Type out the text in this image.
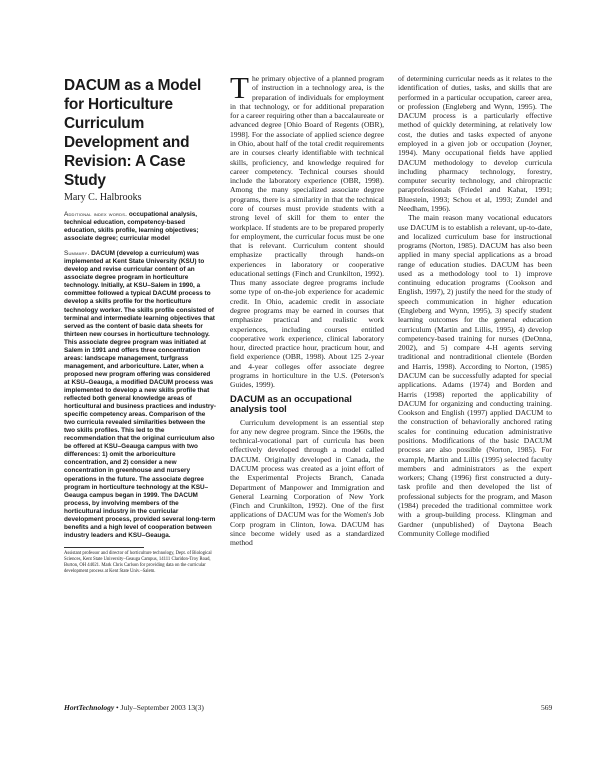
DACUM as a Model for Horticulture Curriculum Development and Revision: A Case Study

Mary C. Halbrooks

Additional index words. occupational analysis, technical education, competency-based education, skills profile, learning objectives; associate degree; curricular model

Summary. DACUM (develop a curriculum) was implemented at Kent State University (KSU) to develop and revise curricular content of an associate degree program in horticulture technology. Initially, at KSU–Salem in 1990, a committee followed a typical DACUM process to develop a skills profile for the horticulture technology worker. The skills profile consisted of terminal and intermediate learning objectives that served as the content of basic data sheets for thirteen new courses in horticulture technology. This associate degree program was initiated at Salem in 1991 and offers three concentration areas: landscape management, turfgrass management, and arboriculture. Later, when a proposed new program offering was considered at KSU–Geauga, a modified DACUM process was implemented to develop a new skills profile that reflected both general knowledge areas of horticultural and business practices and industry-specific competency areas. Comparison of the two curricula revealed similarities between the two skills profiles. This led to the recommendation that the original curriculum also be offered at KSU–Geauga campus with two differences: 1) omit the arboriculture concentration, and 2) consider a new concentration in greenhouse and nursery operations in the future. The associate degree program in horticulture technology at the KSU–Geauga campus began in 1999. The DACUM process, by involving members of the horticultural industry in the curricular development process, provided several long-term benefits and a high level of cooperation between industry leaders and KSU–Geauga.

Assistant professor and director of horticulture technology, Dept. of Biological Sciences, Kent State University–Geauga Campus, 14111 Claridon-Troy Road, Burton, OH 44021. Mark Chris Carlson for providing data on the curricular development process at Kent State Univ.–Salem.

The primary objective of a planned program of instruction in a technology area, is the preparation of individuals for employment in that technology, or for additional preparation for a career requiring other than a baccalaureate or advanced degree [Ohio Board of Regents (OBR), 1998]. For the associate of applied science degree in Ohio, about half of the total credit requirements are in courses clearly identifiable with technical skills, proficiency, and knowledge required for career competency. Technical courses should include the laboratory experience (OBR, 1998). Among the many specialized associate degree programs, there is a similarity in that the technical core of courses must provide students with a strong level of skill for them to enter the workplace. If students are to be prepared properly for employment, the curricular focus must be one that is relevant. Curriculum content should emphasize practically through hands-on experiences in laboratory or cooperative educational settings (Finch and Crunkilton, 1992). Thus many associate degree programs include some type of on-the-job experience for academic credit. In Ohio, academic credit in associate degree programs may be earned in courses that emphasize practical and realistic work experiences, including courses entitled cooperative work experience, clinical laboratory hour, directed practice hour, practicum hour, and field experience (OBR, 1998). About 125 2-year and 4-year colleges offer associate degree programs in horticulture in the U.S. (Peterson's Guides, 1999).

DACUM as an occupational analysis tool

Curriculum development is an essential step for any new degree program. Since the 1960s, the technical-vocational part of curricula has been effectively developed through a model called DACUM. Originally developed in Canada, the DACUM process was created as a joint effort of the Experimental Projects Branch, Canada Department of Manpower and Immigration and General Learning Corporation of New York (Finch and Crunkilton, 1992). One of the first applications of DACUM was for the Women's Job Corp program in Clinton, Iowa. DACUM has since become widely used as a standardized method

of determining curricular needs as it relates to the identification of duties, tasks, and skills that are performed in a particular occupation, career area, or profession (Engleberg and Wynn, 1995). The DACUM process is a particularly effective method of quickly determining, at relatively low cost, the duties and tasks expected of anyone employed in a given job or occupation (Joyner, 1994). Many occupational fields have applied DACUM methodology to develop curricula including pharmacy technology, forestry, computer security technology, and chiropractic paraprofessionals (Friedel and Kahat, 1991; Bluestein, 1993; Schou et al, 1993; Zundel and Needham, 1996).

The main reason many vocational educators use DACUM is to establish a relevant, up-to-date, and localized curriculum base for instructional programs (Norton, 1985). DACUM has also been applied in many special applications as a broad range of education studies. DACUM has been used as a methodology tool to 1) improve continuing education programs (Cookson and English, 1997), 2) justify the need for the study of speech communication in higher education (Engleberg and Wynn, 1995), 3) specify student learning outcomes for the general education curriculum (Martin and Lillis, 1995), 4) develop competency-based training for nurses (DeOnna, 2002), and 5) compare 4-H agents serving traditional and nontraditional clientele (Borden and Harris, 1998). According to Norton, (1985) DACUM can be successfully adapted for special applications. Adams (1974) and Borden and Harris (1998) reported the applicability of DACUM for organizing and conducting training. Cookson and English (1997) applied DACUM to the construction of behaviorally anchored rating scales for continuing education administrative positions. Modifications of the basic DACUM process are also possible (Norton, 1985). For example, Martin and Lillis (1995) selected faculty members and administrators as the expert workers; Chang (1996) first constructed a duty-task profile and then developed the list of professional subjects for the program, and Mason (1984) preceded the traditional committee work with a group-building process. Klingman and Gardner (unpublished) of Daytona Beach Community College modified

HortTechnology • July–September 2003 13(3)	569
